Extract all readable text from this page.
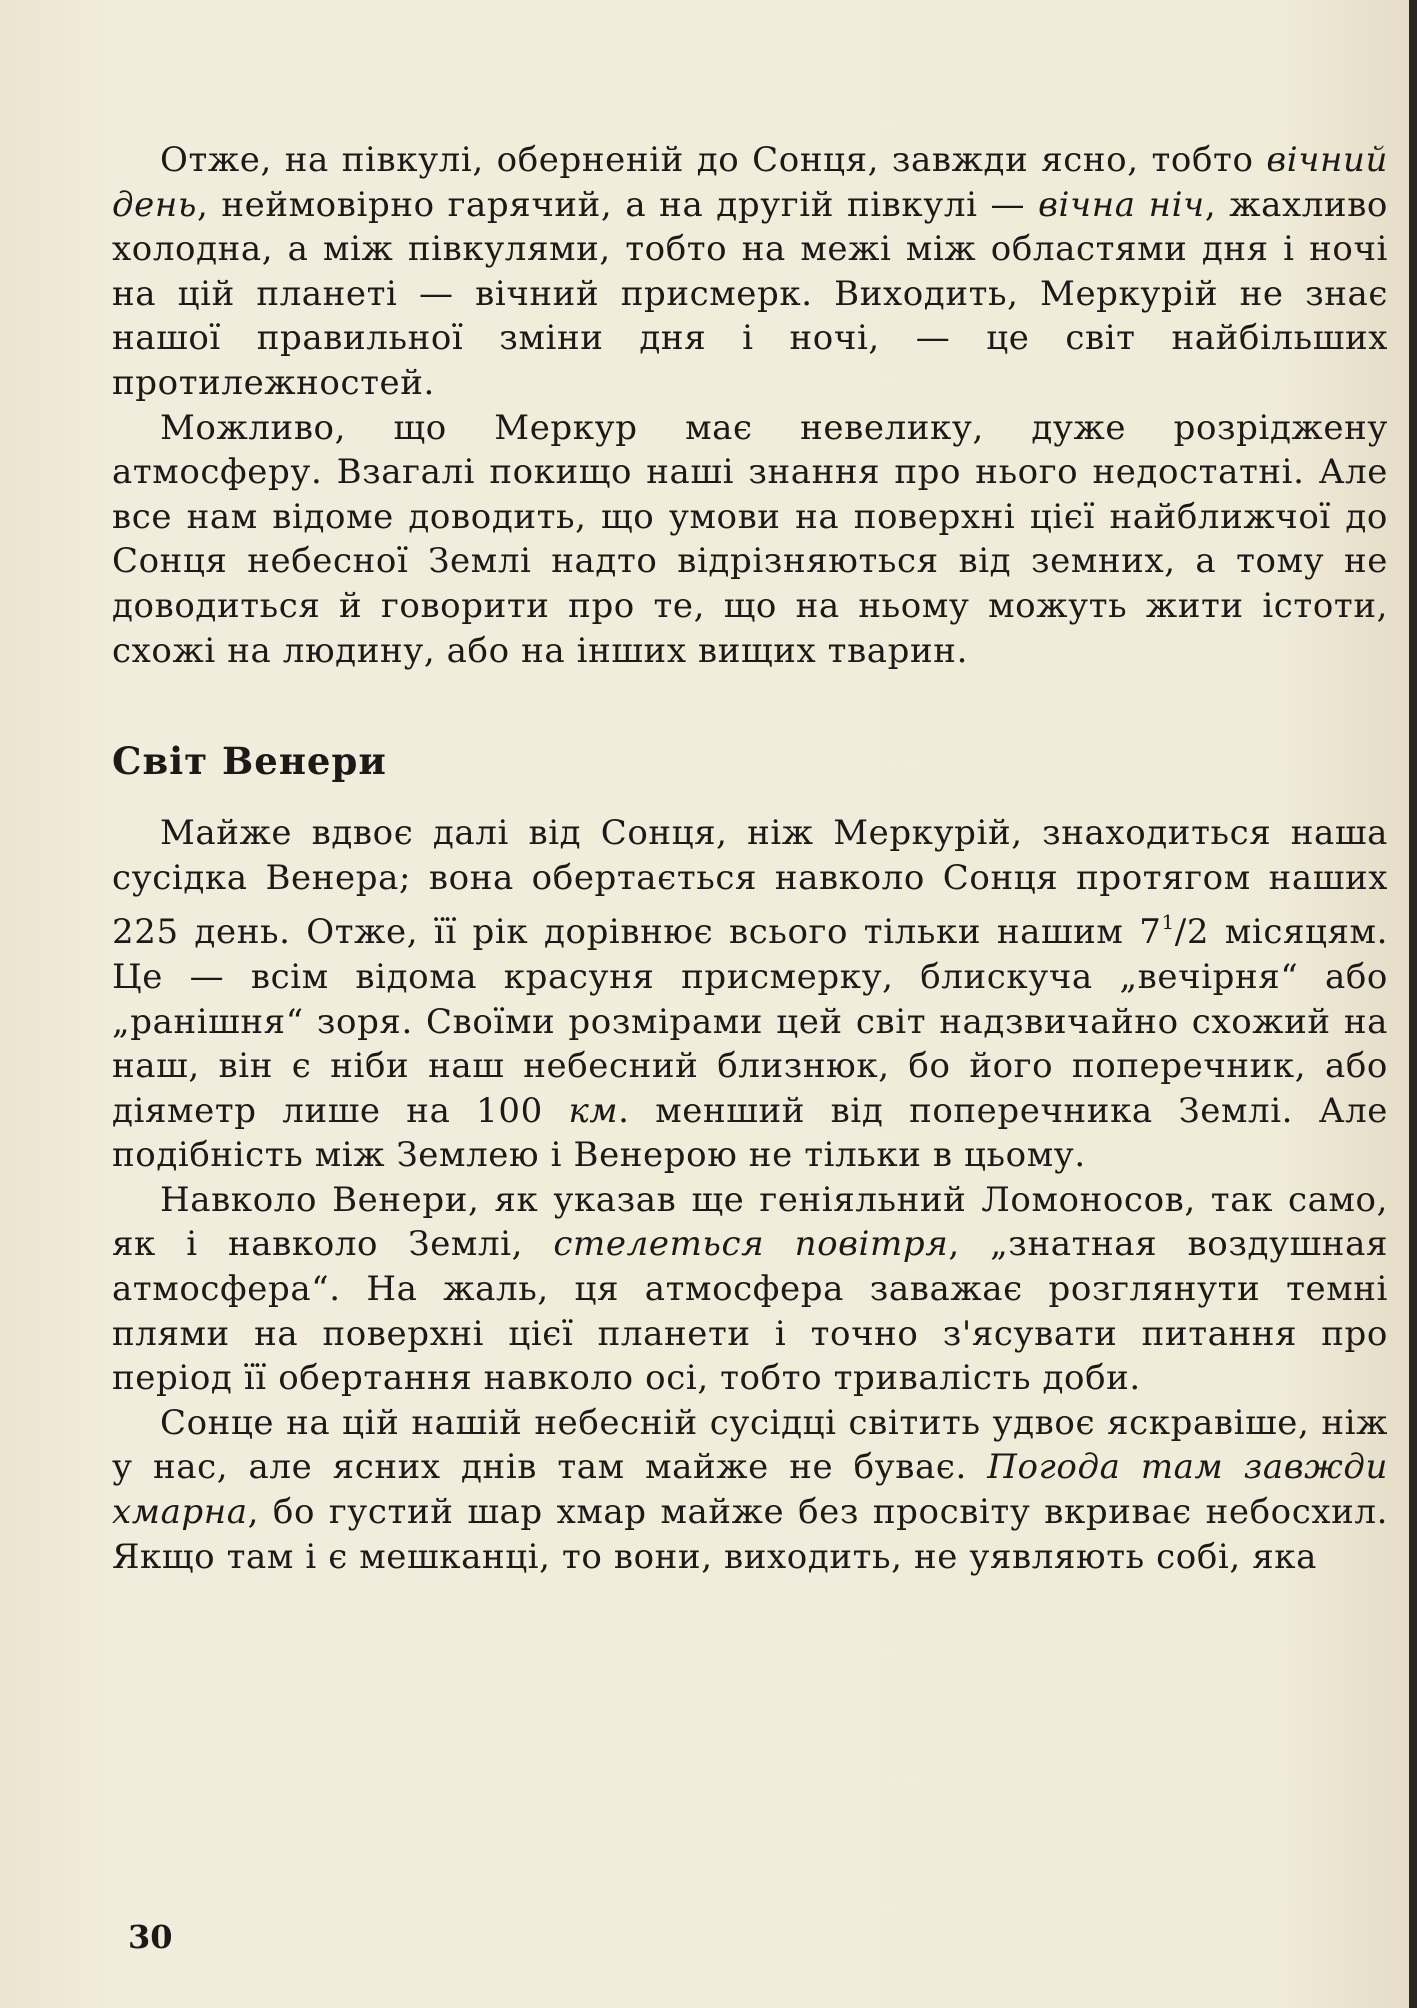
Отже, на півкулі, оберненій до Сонця, завжди ясно, тобто вічний день, неймовірно гарячий, а на другій півкулі — вічна ніч, жахливо холодна, а між півкулями, тобто на межі між областями дня і ночі на цій планеті — вічний присмерк. Виходить, Меркурій не знає нашої правильної зміни дня і ночі, — це світ найбільших протилежностей.

Можливо, що Меркур має невелику, дуже розріджену атмосферу. Взагалі покищо наші знання про нього недостатні. Але все нам відоме доводить, що умови на поверхні цієї найближчої до Сонця небесної Землі надто відрізняються від земних, а тому не доводиться й говорити про те, що на ньому можуть жити істоти, схожі на людину, або на інших вищих тварин.

Світ Венери

Майже вдвоє далі від Сонця, ніж Меркурій, знаходиться наша сусідка Венера; вона обертається навколо Сонця протягом наших 225 день. Отже, її рік дорівнює всього тільки нашим $7^1/2$ місяцям. Це — всім відома красуня присмерку, блискуча „вечірня“ або „ранішня“ зоря. Своїми розмірами цей світ надзвичайно схожий на наш, він є ніби наш небесний близнюк, бо його поперечник, або діяметр лише на 100 км. менший від поперечника Землі. Але подібність між Землею і Венерою не тільки в цьому.

Навколо Венери, як указав ще геніяльний Ломоносов, так само, як і навколо Землі, стелеться повітря, „знатная воздушная атмосфера“. На жаль, ця атмосфера заважає розглянути темні плями на поверхні цієї планети і точно з'ясувати питання про період її обертання навколо осі, тобто тривалість доби.

Сонце на цій нашій небесній сусідці світить удвоє яскравіше, ніж у нас, але ясних днів там майже не буває. Погода там завжди хмарна, бо густий шар хмар майже без просвіту вкриває небосхил. Якщо там і є мешканці, то вони, виходить, не уявляють собі, яка

30
